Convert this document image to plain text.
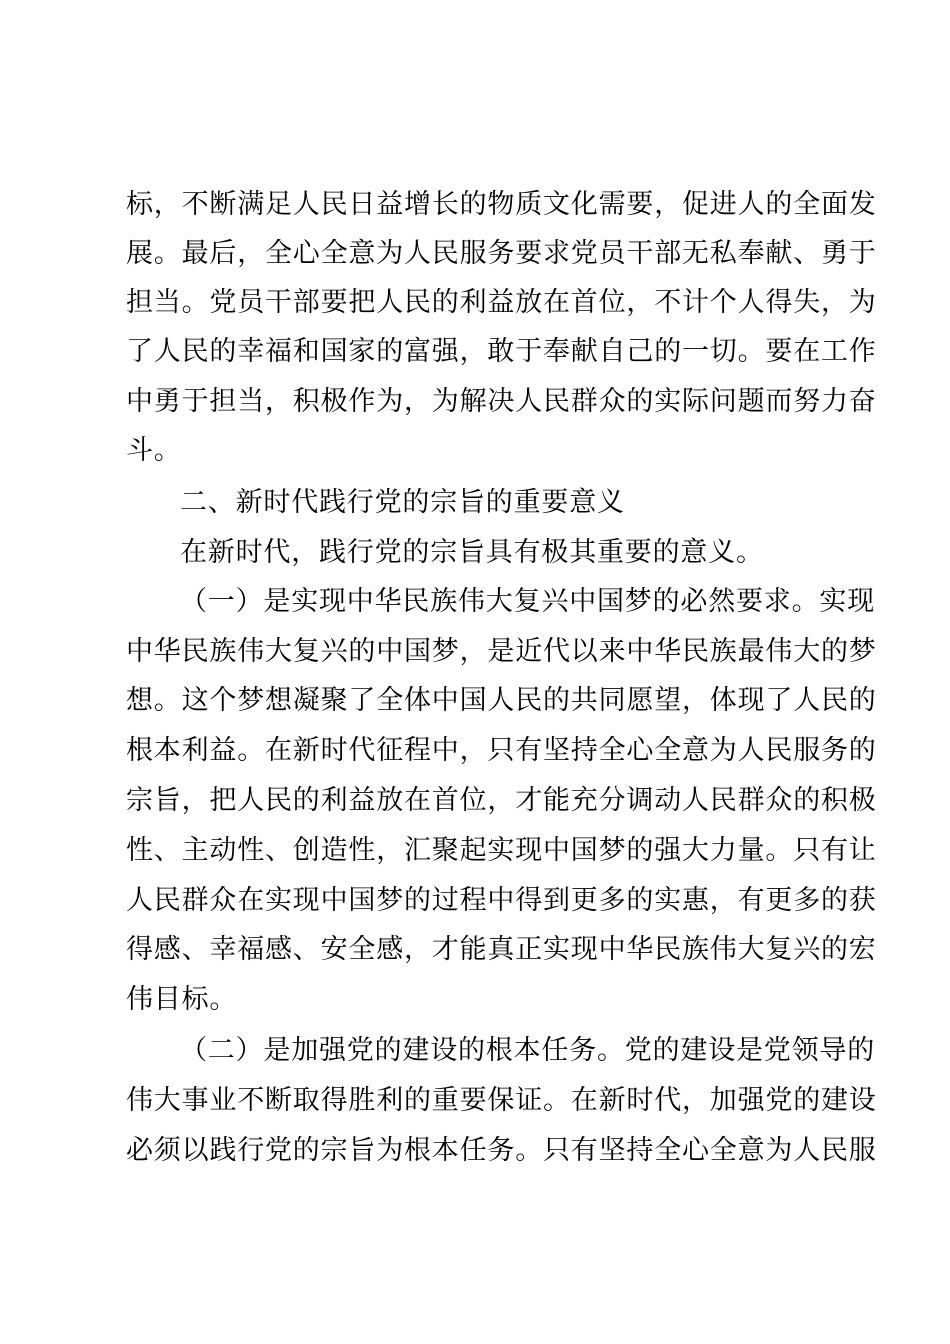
标，不断满足人民日益增长的物质文化需要，促进人的全面发
展。最后，全心全意为人民服务要求党员干部无私奉献、勇于
担当。党员干部要把人民的利益放在首位，不计个人得失，为
了人民的幸福和国家的富强，敢于奉献自己的一切。要在工作
中勇于担当，积极作为，为解决人民群众的实际问题而努力奋
斗。
二、新时代践行党的宗旨的重要意义
在新时代，践行党的宗旨具有极其重要的意义。
（一）是实现中华民族伟大复兴中国梦的必然要求。实现
中华民族伟大复兴的中国梦，是近代以来中华民族最伟大的梦
想。这个梦想凝聚了全体中国人民的共同愿望，体现了人民的
根本利益。在新时代征程中，只有坚持全心全意为人民服务的
宗旨，把人民的利益放在首位，才能充分调动人民群众的积极
性、主动性、创造性，汇聚起实现中国梦的强大力量。只有让
人民群众在实现中国梦的过程中得到更多的实惠，有更多的获
得感、幸福感、安全感，才能真正实现中华民族伟大复兴的宏
伟目标。
（二）是加强党的建设的根本任务。党的建设是党领导的
伟大事业不断取得胜利的重要保证。在新时代，加强党的建设
必须以践行党的宗旨为根本任务。只有坚持全心全意为人民服
